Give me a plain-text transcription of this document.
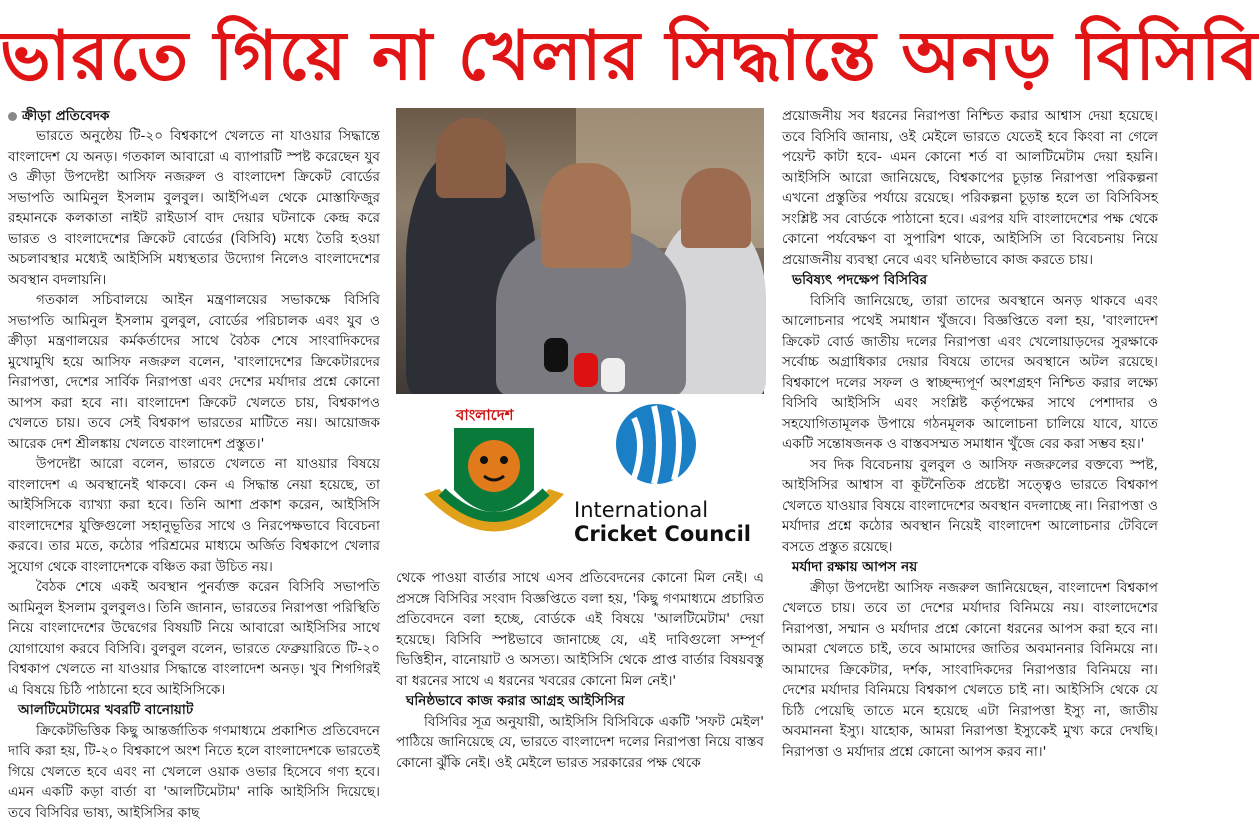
ভারতে গিয়ে না খেলার সিদ্ধান্তে অনড় বিসিবি
ক্রীড়া প্রতিবেদক

ভারতে অনুষ্ঠেয় টি-২০ বিশ্বকাপে খেলতে না যাওয়ার সিদ্ধান্তে বাংলাদেশ যে অনড়। গতকাল আবারো এ ব্যাপারটি স্পষ্ট করেছেন যুব ও ক্রীড়া উপদেষ্টা আসিফ নজরুল ও বাংলাদেশ ক্রিকেট বোর্ডের সভাপতি আমিনুল ইসলাম বুলবুল। আইপিএল থেকে মোস্তাফিজুর রহমানকে কলকাতা নাইট রাইডার্স বাদ দেয়ার ঘটনাকে কেন্দ্র করে ভারত ও বাংলাদেশের ক্রিকেট বোর্ডের (বিসিবি) মধ্যে তৈরি হওয়া অচলাবস্থার মধ্যেই আইসিসি মধ্যস্থতার উদ্যোগ নিলেও বাংলাদেশের অবস্থান বদলায়নি।

গতকাল সচিবালয়ে আইন মন্ত্রণালয়ের সভাকক্ষে বিসিবি সভাপতি আমিনুল ইসলাম বুলবুল, বোর্ডের পরিচালক এবং যুব ও ক্রীড়া মন্ত্রণালয়ের কর্মকর্তাদের সাথে বৈঠক শেষে সাংবাদিকদের মুখোমুখি হয়ে আসিফ নজরুল বলেন, 'বাংলাদেশের ক্রিকেটারদের নিরাপত্তা, দেশের সার্বিক নিরাপত্তা এবং দেশের মর্যাদার প্রশ্নে কোনো আপস করা হবে না। বাংলাদেশ ক্রিকেট খেলতে চায়, বিশ্বকাপও খেলতে চায়। তবে সেই বিশ্বকাপ ভারতের মাটিতে নয়। আয়োজক আরেক দেশ শ্রীলঙ্কায় খেলতে বাংলাদেশ প্রস্তুত।'

উপদেষ্টা আরো বলেন, ভারতে খেলতে না যাওয়ার বিষয়ে বাংলাদেশ এ অবস্থানেই থাকবে। কেন এ সিদ্ধান্ত নেয়া হয়েছে, তা আইসিসিকে ব্যাখ্যা করা হবে। তিনি আশা প্রকাশ করেন, আইসিসি বাংলাদেশের যুক্তিগুলো সহানুভূতির সাথে ও নিরপেক্ষভাবে বিবেচনা করবে। তার মতে, কঠোর পরিশ্রমের মাধ্যমে অর্জিত বিশ্বকাপে খেলার সুযোগ থেকে বাংলাদেশকে বঞ্চিত করা উচিত নয়।

বৈঠক শেষে একই অবস্থান পুনর্ব্যক্ত করেন বিসিবি সভাপতি আমিনুল ইসলাম বুলবুলও। তিনি জানান, ভারতের নিরাপত্তা পরিস্থিতি নিয়ে বাংলাদেশের উদ্বেগের বিষয়টি নিয়ে আবারো আইসিসির সাথে যোগাযোগ করবে বিসিবি। বুলবুল বলেন, ভারতে ফেব্রুয়ারিতে টি-২০ বিশ্বকাপ খেলতে না যাওয়ার সিদ্ধান্তে বাংলাদেশ অনড়। খুব শিগগিরই এ বিষয়ে চিঠি পাঠানো হবে আইসিসিকে।

আলটিমেটামের খবরটি বানোয়াট

ক্রিকেটভিত্তিক কিছু আন্তর্জাতিক গণমাধ্যমে প্রকাশিত প্রতিবেদনে দাবি করা হয়, টি-২০ বিশ্বকাপে অংশ নিতে হলে বাংলাদেশকে ভারতেই গিয়ে খেলতে হবে এবং না খেললে ওয়াক ওভার হিসেবে গণ্য হবে। এমন একটি কড়া বার্তা বা 'আলটিমেটাম' নাকি আইসিসি দিয়েছে। তবে বিসিবির ভাষ্য, আইসিসির কাছ

বাংলাদেশ
International
Cricket Council

থেকে পাওয়া বার্তার সাথে এসব প্রতিবেদনের কোনো মিল নেই। এ প্রসঙ্গে বিসিবির সংবাদ বিজ্ঞপ্তিতে বলা হয়, 'কিছু গণমাধ্যমে প্রচারিত প্রতিবেদনে বলা হচ্ছে, বোর্ডকে এই বিষয়ে 'আলটিমেটাম' দেয়া হয়েছে। বিসিবি স্পষ্টভাবে জানাচ্ছে যে, এই দাবিগুলো সম্পূর্ণ ভিত্তিহীন, বানোয়াট ও অসত্য। আইসিসি থেকে প্রাপ্ত বার্তার বিষয়বস্তু বা ধরনের সাথে এ ধরনের খবরের কোনো মিল নেই।'

ঘনিষ্ঠভাবে কাজ করার আগ্রহ আইসিসির

বিসিবির সূত্র অনুযায়ী, আইসিসি বিসিবিকে একটি 'সফট মেইল' পাঠিয়ে জানিয়েছে যে, ভারতে বাংলাদেশ দলের নিরাপত্তা নিয়ে বাস্তব কোনো ঝুঁকি নেই। ওই মেইলে ভারত সরকারের পক্ষ থেকে

প্রয়োজনীয় সব ধরনের নিরাপত্তা নিশ্চিত করার আশ্বাস দেয়া হয়েছে। তবে বিসিবি জানায়, ওই মেইলে ভারতে যেতেই হবে কিংবা না গেলে পয়েন্ট কাটা হবে- এমন কোনো শর্ত বা আলটিমেটাম দেয়া হয়নি। আইসিসি আরো জানিয়েছে, বিশ্বকাপের চূড়ান্ত নিরাপত্তা পরিকল্পনা এখনো প্রস্তুতির পর্যায়ে রয়েছে। পরিকল্পনা চূড়ান্ত হলে তা বিসিবিসহ সংশ্লিষ্ট সব বোর্ডকে পাঠানো হবে। এরপর যদি বাংলাদেশের পক্ষ থেকে কোনো পর্যবেক্ষণ বা সুপারিশ থাকে, আইসিসি তা বিবেচনায় নিয়ে প্রয়োজনীয় ব্যবস্থা নেবে এবং ঘনিষ্ঠভাবে কাজ করতে চায়।

ভবিষ্যৎ পদক্ষেপ বিসিবির

বিসিবি জানিয়েছে, তারা তাদের অবস্থানে অনড় থাকবে এবং আলোচনার পথেই সমাধান খুঁজবে। বিজ্ঞপ্তিতে বলা হয়, 'বাংলাদেশ ক্রিকেট বোর্ড জাতীয় দলের নিরাপত্তা এবং খেলোয়াড়দের সুরক্ষাকে সর্বোচ্চ অগ্রাধিকার দেয়ার বিষয়ে তাদের অবস্থানে অটল রয়েছে। বিশ্বকাপে দলের সফল ও স্বাচ্ছন্দ্যপূর্ণ অংশগ্রহণ নিশ্চিত করার লক্ষ্যে বিসিবি আইসিসি এবং সংশ্লিষ্ট কর্তৃপক্ষের সাথে পেশাদার ও সহযোগিতামূলক উপায়ে গঠনমূলক আলোচনা চালিয়ে যাবে, যাতে একটি সন্তোষজনক ও বাস্তবসম্মত সমাধান খুঁজে বের করা সম্ভব হয়।'

সব দিক বিবেচনায় বুলবুল ও আসিফ নজরুলের বক্তব্যে স্পষ্ট, আইসিসির আশ্বাস বা কূটনৈতিক প্রচেষ্টা সত্ত্বেও ভারতে বিশ্বকাপ খেলতে যাওয়ার বিষয়ে বাংলাদেশের অবস্থান বদলাচ্ছে না। নিরাপত্তা ও মর্যাদার প্রশ্নে কঠোর অবস্থান নিয়েই বাংলাদেশ আলোচনার টেবিলে বসতে প্রস্তুত রয়েছে।

মর্যাদা রক্ষায় আপস নয়

ক্রীড়া উপদেষ্টা আসিফ নজরুল জানিয়েছেন, বাংলাদেশ বিশ্বকাপ খেলতে চায়। তবে তা দেশের মর্যাদার বিনিময়ে নয়। বাংলাদেশের নিরাপত্তা, সম্মান ও মর্যাদার প্রশ্নে কোনো ধরনের আপস করা হবে না। আমরা খেলতে চাই, তবে আমাদের জাতির অবমাননার বিনিময়ে না। আমাদের ক্রিকেটার, দর্শক, সাংবাদিকদের নিরাপত্তার বিনিময়ে না। দেশের মর্যাদার বিনিময়ে বিশ্বকাপ খেলতে চাই না। আইসিসি থেকে যে চিঠি পেয়েছি তাতে মনে হয়েছে এটা নিরাপত্তা ইস্যু না, জাতীয় অবমাননা ইস্যু। যাহোক, আমরা নিরাপত্তা ইস্যুকেই মুখ্য করে দেখছি। নিরাপত্তা ও মর্যাদার প্রশ্নে কোনো আপস করব না।'
